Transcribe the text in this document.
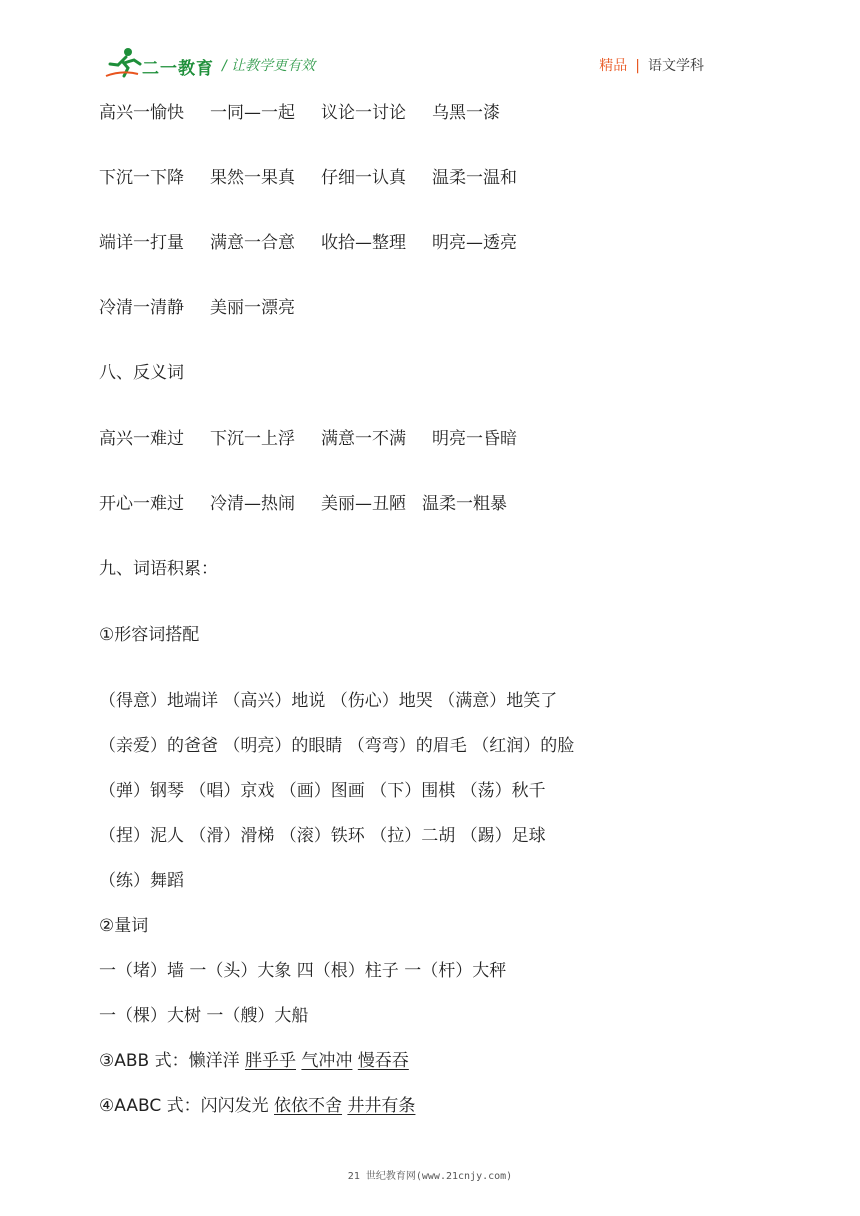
二一教育 / 让教学更有效	精品 | 语文学科
高兴一愉快 一同—一起 议论一讨论 乌黑一漆
下沉一下降 果然一果真 仔细一认真 温柔一温和
端详一打量 满意一合意 收拾—整理 明亮—透亮
冷清一清静 美丽一漂亮
八、反义词
高兴一难过 下沉一上浮 满意一不满 明亮一昏暗
开心一难过 冷清—热闹 美丽—丑陋 温柔一粗暴
九、词语积累：
①形容词搭配
（得意）地端详 （高兴）地说 （伤心）地哭 （满意）地笑了
（亲爱）的爸爸 （明亮）的眼睛 （弯弯）的眉毛 （红润）的脸
（弹）钢琴 （唱）京戏 （画）图画 （下）围棋 （荡）秋千
（捏）泥人 （滑）滑梯 （滚）铁环 （拉）二胡 （踢）足球
（练）舞蹈
②量词
一（堵）墙 一（头）大象 四（根）柱子 一（杆）大秤
一（棵）大树 一（艘）大船
③ABB 式：懒洋洋 胖乎乎 气冲冲 慢吞吞
④AABC 式：闪闪发光 依依不舍 井井有条
21 世纪教育网(www.21cnjy.com)
